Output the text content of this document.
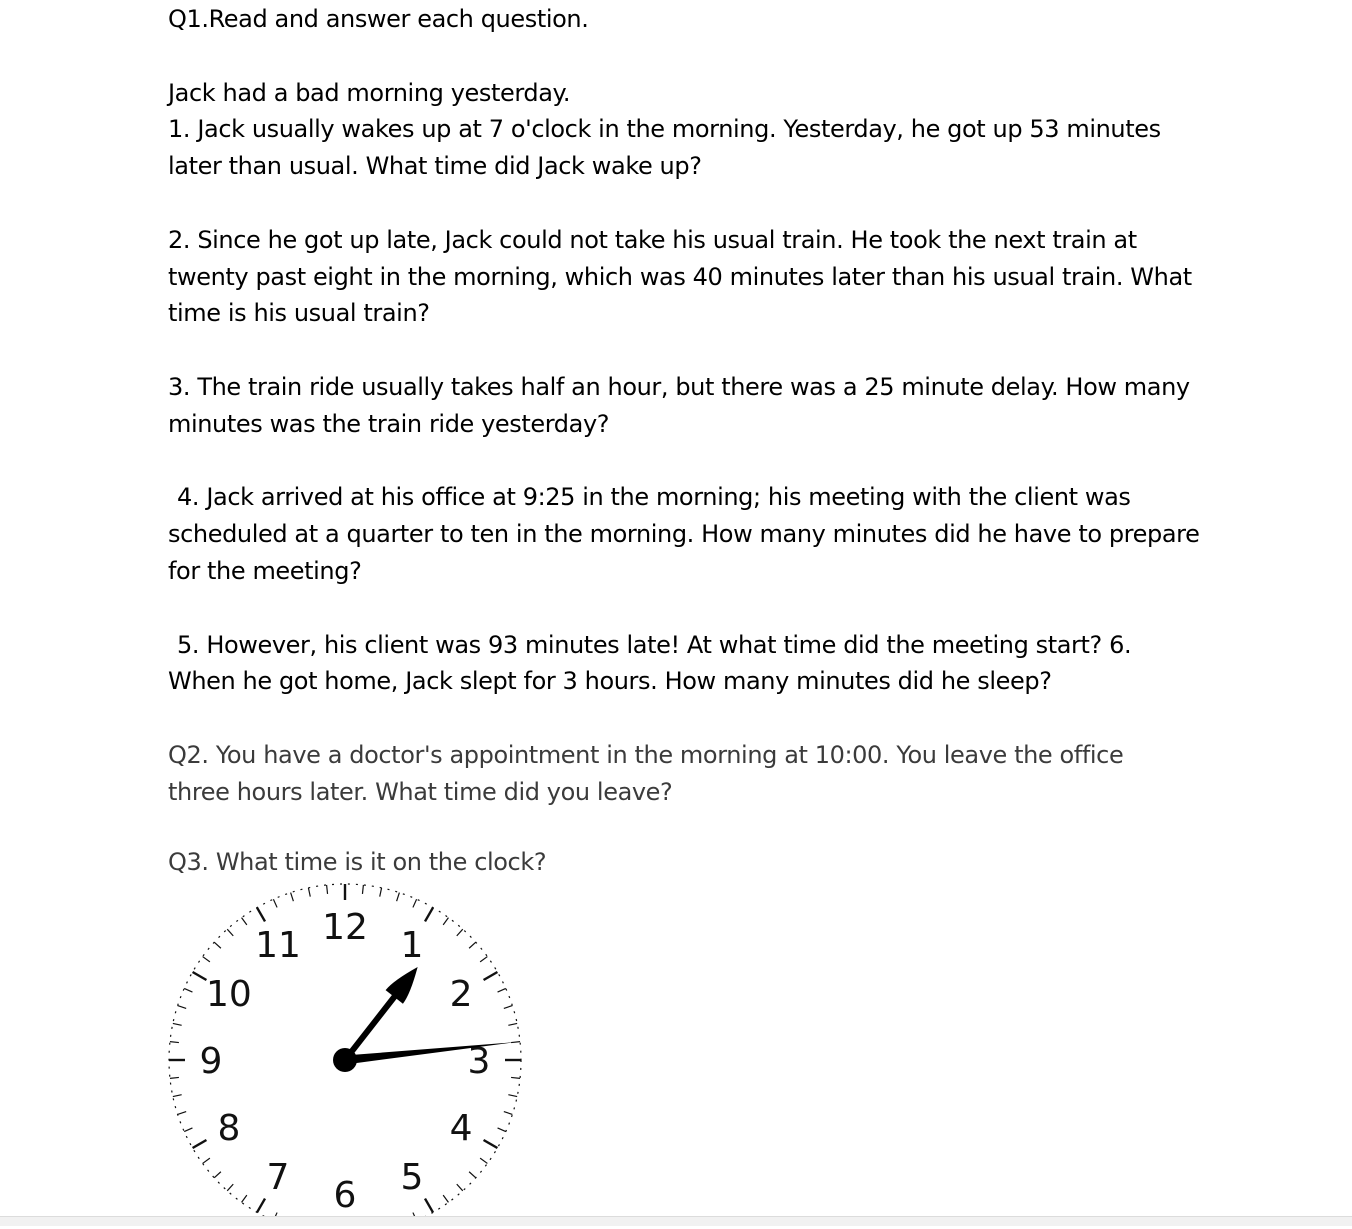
Q1.Read and answer each question.
Jack had a bad morning yesterday.
1. Jack usually wakes up at 7 o'clock in the morning. Yesterday, he got up 53 minutes
later than usual. What time did Jack wake up?
2. Since he got up late, Jack could not take his usual train. He took the next train at
twenty past eight in the morning, which was 40 minutes later than his usual train. What
time is his usual train?
3. The train ride usually takes half an hour, but there was a 25 minute delay. How many
minutes was the train ride yesterday?
4. Jack arrived at his office at 9:25 in the morning; his meeting with the client was
scheduled at a quarter to ten in the morning. How many minutes did he have to prepare
for the meeting?
5. However, his client was 93 minutes late! At what time did the meeting start? 6.
When he got home, Jack slept for 3 hours. How many minutes did he sleep?
Q2. You have a doctor's appointment in the morning at 10:00. You leave the office
three hours later. What time did you leave?
Q3. What time is it on the clock?
12 1
2
3
4
5
6
7
8
9
10
11
